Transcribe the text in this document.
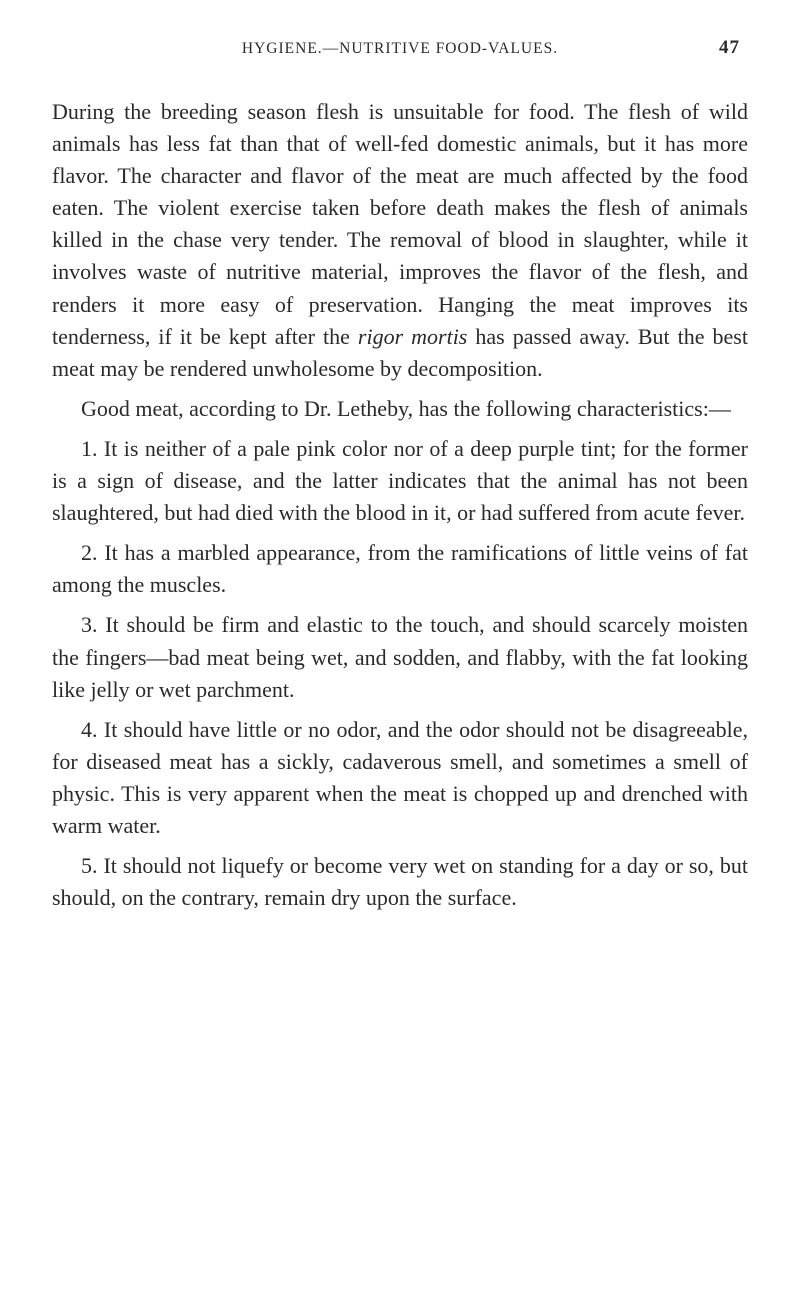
HYGIENE.—NUTRITIVE FOOD-VALUES.	47

During the breeding season flesh is unsuitable for food. The flesh of wild animals has less fat than that of well-fed domestic animals, but it has more flavor. The character and flavor of the meat are much affected by the food eaten. The violent exercise taken before death makes the flesh of animals killed in the chase very tender. The removal of blood in slaughter, while it involves waste of nutritive material, improves the flavor of the flesh, and renders it more easy of preservation. Hanging the meat improves its tenderness, if it be kept after the rigor mortis has passed away. But the best meat may be rendered unwholesome by decomposition.

Good meat, according to Dr. Letheby, has the following characteristics:—

1. It is neither of a pale pink color nor of a deep purple tint; for the former is a sign of disease, and the latter indicates that the animal has not been slaughtered, but had died with the blood in it, or had suffered from acute fever.

2. It has a marbled appearance, from the ramifications of little veins of fat among the muscles.

3. It should be firm and elastic to the touch, and should scarcely moisten the fingers—bad meat being wet, and sodden, and flabby, with the fat looking like jelly or wet parchment.

4. It should have little or no odor, and the odor should not be disagreeable, for diseased meat has a sickly, cadaverous smell, and sometimes a smell of physic. This is very apparent when the meat is chopped up and drenched with warm water.

5. It should not liquefy or become very wet on standing for a day or so, but should, on the contrary, remain dry upon the surface.
